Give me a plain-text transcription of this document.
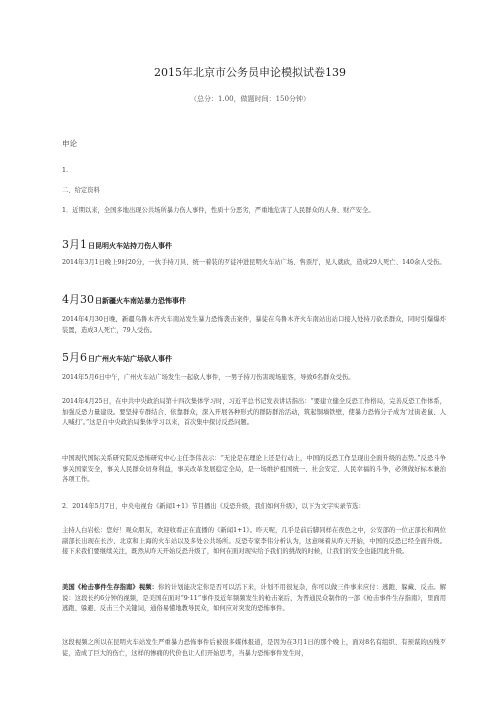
2015年北京市公务员申论模拟试卷139
（总分：1.00，做题时间：150分钟）
申论
1.
二、给定资料

1．近期以来，全国多地出现公共场所暴力伤人事件，性质十分恶劣，严重地危害了人民群众的人身、财产安全。

3月1 日昆明火车站持刀伤人事件

2014年3月1日晚上9时20分，一伙手持刀具、统一着装的歹徒冲进昆明火车站广场、售票厅，见人就砍，造成29人死亡、140余人受伤。

4月30 日新疆火车南站暴力恐怖事件

2014年4月30日晚，新疆乌鲁木齐火车南站发生暴力恐怖袭击案件，暴徒在乌鲁木齐火车南站出站口接人处持刀砍杀群众，同时引爆爆炸装置，造成3人死亡，79人受伤。

5月6 日广州火车站广场砍人事件

2014年5月6日中午，广州火车站广场发生一起砍人事件，一男子持刀伤害现场旅客，导致6名群众受伤。

2014年4月25日，在中共中央政治局第十四次集体学习时，习近平总书记发表讲话指出：“要建立健全反恐工作格局，完善反恐工作体系，加强反恐力量建设。要坚持专群结合、依靠群众，深入开展各种形式的群防群治活动，筑起铜墙铁壁，使暴力恐怖分子成为‘过街老鼠、人人喊打’。”这是自中央政治局集体学习以来，首次集中探讨反恐问题。

中国现代国际关系研究院反恐怖研究中心主任李伟表示：“无论是在理论上还是行动上，中国的反恐工作呈现出全面升级的态势。”反恐斗争事关国家安全，事关人民群众切身利益，事关改革发展稳定全局，是一场维护祖国统一、社会安定、人民幸福的斗争，必须做好标本兼治各项工作。

2．2014年5月7日，中央电视台《新闻1+1》节目播出《反恐升级，我们如何升级》，以下为文字实录节选：

主持人白岩松：您好！观众朋友，欢迎收看正在直播的《新闻1+1》。昨天呢，几乎是前后脚同样在夜色之中，公安部的一位正部长和两位副部长出现在长沙、北京和上海的火车站以及多处公共场所。反恐专家李伟分析认为，这意味着从昨天开始，中国的反恐已经全面升级。接下来我们要继续关注，既然从昨天开始反恐升级了，如何在面对现实给予我们的挑战的时候，让我们的安全也能因此升级。

美国《枪击事件生存指南》视频：你的计划能决定你是否可以活下来，计划不用很复杂，你可以做三件事来应付：逃跑、躲藏、反击。解说：这段长约6分钟的视频，是美国在面对“9·11”事件及近年频频发生的枪击案后，为普通民众制作的一部《枪击事件生存指南》，里面用逃跑、躲避、反击三个关键词，通俗易懂地教导民众，如何应对突发的恐怖事件。

这段视频之所以在昆明火车站发生严重暴力恐怖事件后被很多媒体报道，是因为在3月1日的那个晚上，面对8名有组织、有预谋的凶残歹徒，造成了巨大的伤亡，这样的惨痛的代价也让人们开始思考，当暴力恐怖事件发生时，
